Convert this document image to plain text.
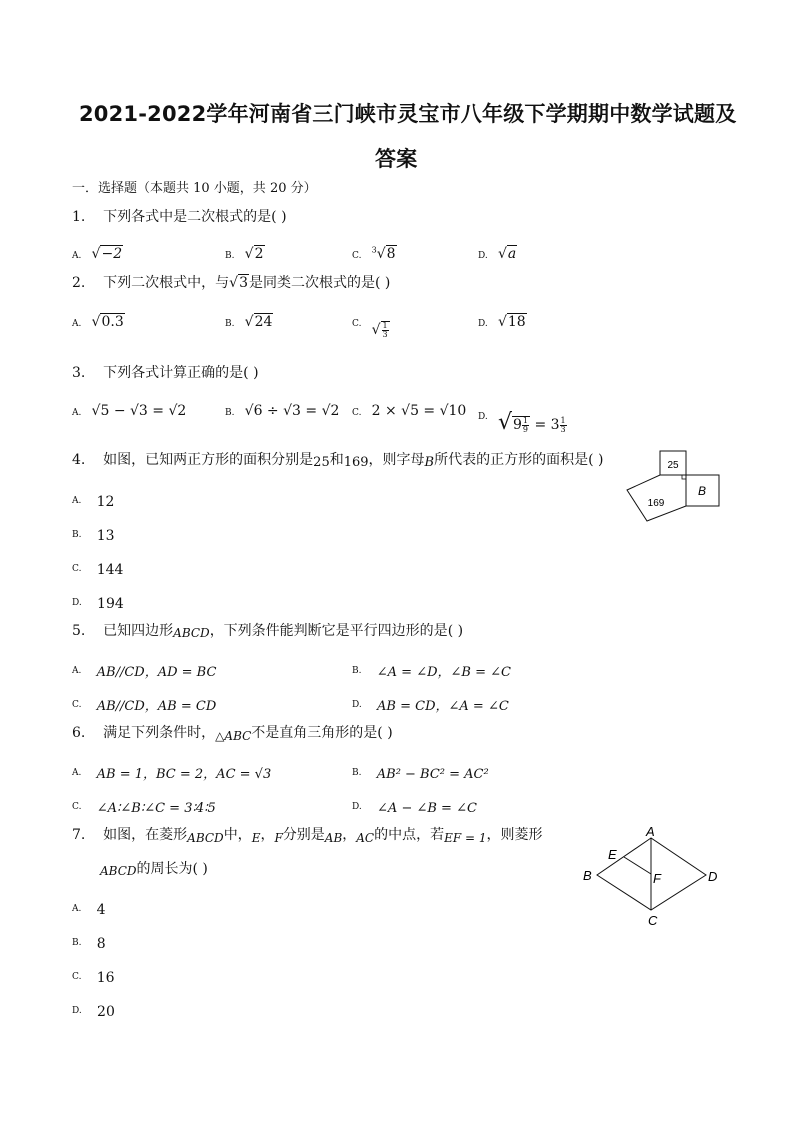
2021-2022学年河南省三门峡市灵宝市八年级下学期期中数学试题及
答案
一．选择题（本题共 10 小题，共 20 分）
1. 下列各式中是二次根式的是( )
A. √−2	B. √2	C.  $^3$√8	D. √a
2. 下列二次根式中，与√3是同类二次根式的是( )
A. √0.3	B. √24	C. √ $\frac{1}{3}$	D. √18
3. 下列各式计算正确的是( )
A. √5 − √3 = √2	B. √6 ÷ √3 = √2 C. 2 × √5 = √10 D. $√9 \frac{1}{9} = 3 \frac{1}{3}$
4. 如图，已知两正方形的面积分别是25和169，则字母B所代表的正方形的面积是( )
A. 12
B. 13
C. 144
D. 194
25
169
B
5. 已知四边形ABCD，下列条件能判断它是平行四边形的是( )
A. AB//CD，AD = BC	B. ∠A = ∠D，∠B = ∠C
C. AB//CD，AB = CD	D. AB = CD，∠A = ∠C
6. 满足下列条件时，△ABC不是直角三角形的是( )
A. AB = 1，BC = 2，AC = √3	B. AB² − BC² = AC²
C. ∠A∶∠B∶∠C = 3∶4∶5	D. ∠A − ∠B = ∠C
7. 如图，在菱形ABCD中，E，F分别是AB，AC的中点，若EF = 1，则菱形
ABCD的周长为( )
A. 4
B. 8
C. 16
D. 20
A
B
C
D
E
F
